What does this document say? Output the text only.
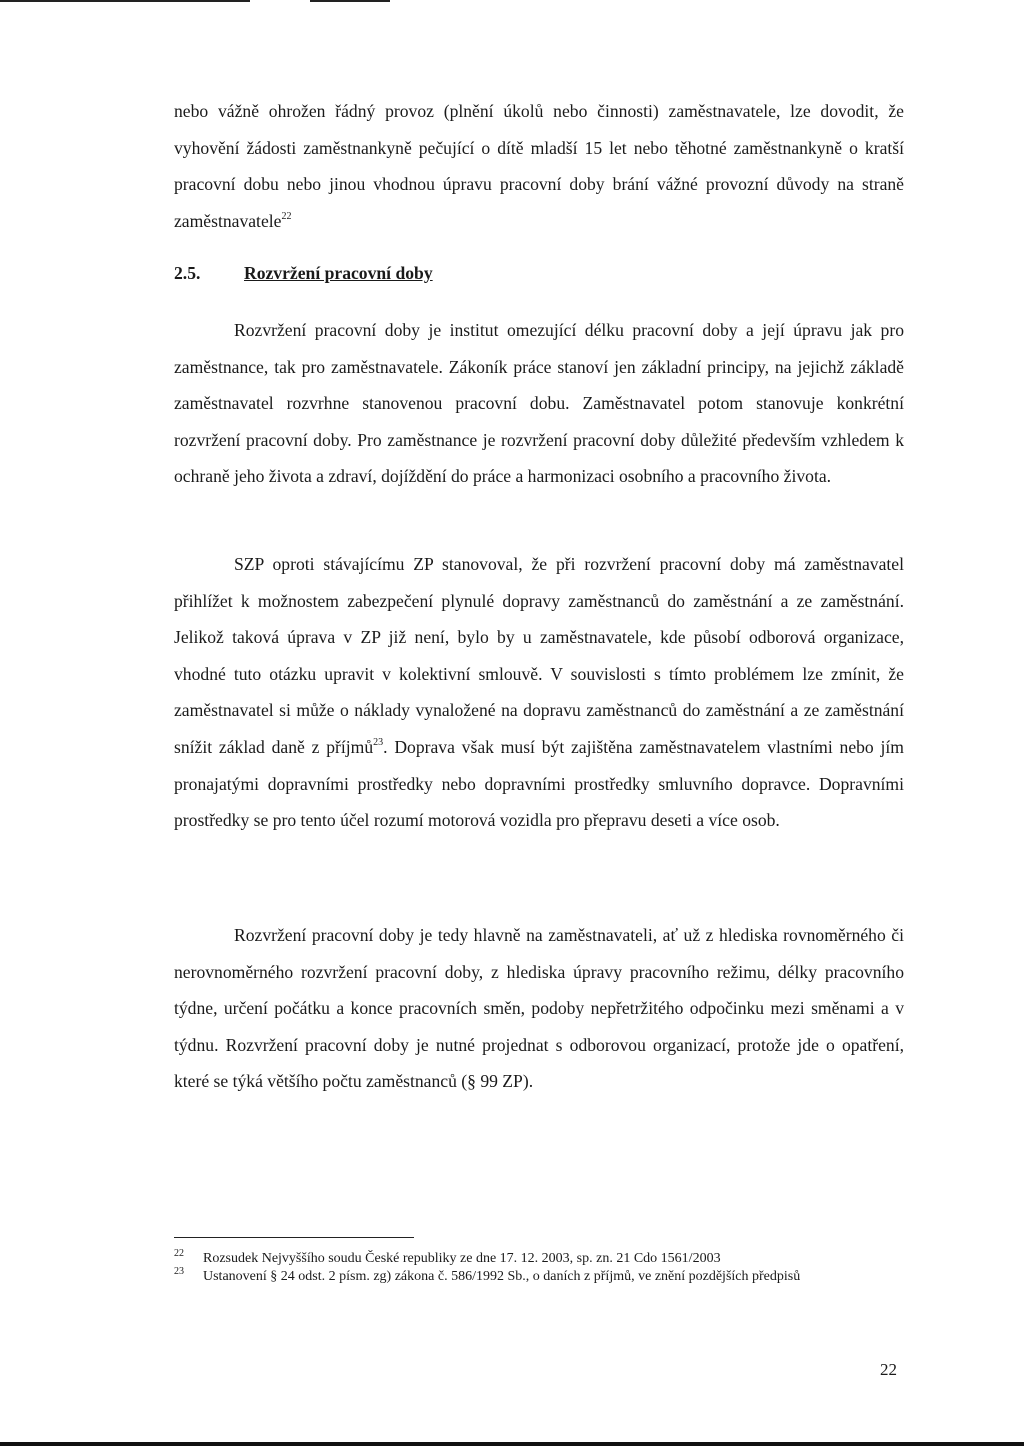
nebo vážně ohrožen řádný provoz (plnění úkolů nebo činnosti) zaměstnavatele, lze dovodit, že vyhovění žádosti zaměstnankyně pečující o dítě mladší 15 let nebo těhotné zaměstnankyně o kratší pracovní dobu nebo jinou vhodnou úpravu pracovní doby brání vážné provozní důvody na straně zaměstnavatele$^{22}$

2.5. Rozvržení pracovní doby

Rozvržení pracovní doby je institut omezující délku pracovní doby a její úpravu jak pro zaměstnance, tak pro zaměstnavatele. Zákoník práce stanoví jen základní principy, na jejichž základě zaměstnavatel rozvrhne stanovenou pracovní dobu. Zaměstnavatel potom stanovuje konkrétní rozvržení pracovní doby. Pro zaměstnance je rozvržení pracovní doby důležité především vzhledem k ochraně jeho života a zdraví, dojíždění do práce a harmonizaci osobního a pracovního života.

SZP oproti stávajícímu ZP stanovoval, že při rozvržení pracovní doby má zaměstnavatel přihlížet k možnostem zabezpečení plynulé dopravy zaměstnanců do zaměstnání a ze zaměstnání. Jelikož taková úprava v ZP již není, bylo by u zaměstnavatele, kde působí odborová organizace, vhodné tuto otázku upravit v kolektivní smlouvě. V souvislosti s tímto problémem lze zmínit, že zaměstnavatel si může o náklady vynaložené na dopravu zaměstnanců do zaměstnání a ze zaměstnání snížit základ daně z příjmů$^{23}$. Doprava však musí být zajištěna zaměstnavatelem vlastními nebo jím pronajatými dopravními prostředky nebo dopravními prostředky smluvního dopravce. Dopravními prostředky se pro tento účel rozumí motorová vozidla pro přepravu deseti a více osob.

Rozvržení pracovní doby je tedy hlavně na zaměstnavateli, ať už z hlediska rovnoměrného či nerovnoměrného rozvržení pracovní doby, z hlediska úpravy pracovního režimu, délky pracovního týdne, určení počátku a konce pracovních směn, podoby nepřetržitého odpočinku mezi směnami a v týdnu. Rozvržení pracovní doby je nutné projednat s odborovou organizací, protože jde o opatření, které se týká většího počtu zaměstnanců (§ 99 ZP).

22 Rozsudek Nejvyššího soudu České republiky ze dne 17. 12. 2003, sp. zn. 21 Cdo 1561/2003
23 Ustanovení § 24 odst. 2 písm. zg) zákona č. 586/1992 Sb., o daních z příjmů, ve znění pozdějších předpisů
22
